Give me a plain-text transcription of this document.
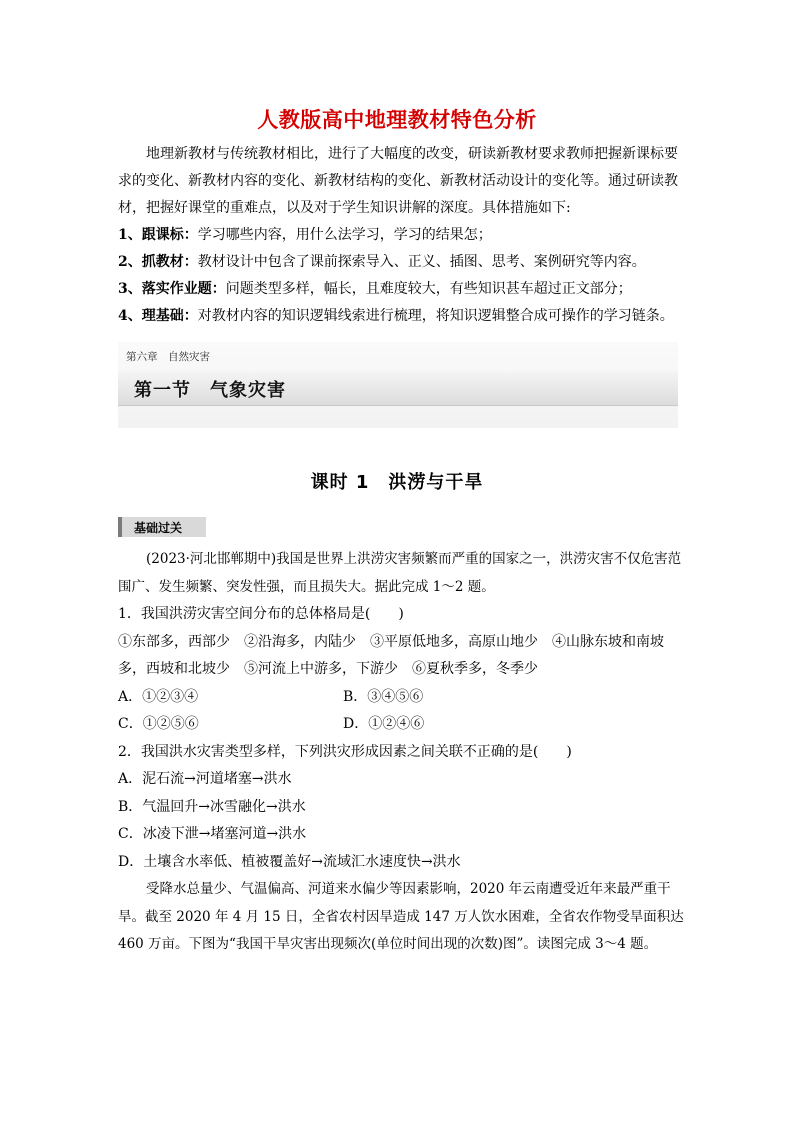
人教版高中地理教材特色分析

地理新教材与传统教材相比，进行了大幅度的改变，研读新教材要求教师把握新课标要求的变化、新教材内容的变化、新教材结构的变化、新教材活动设计的变化等。通过研读教材，把握好课堂的重难点，以及对于学生知识讲解的深度。具体措施如下:

1、跟课标：学习哪些内容，用什么法学习，学习的结果怎；

2、抓教材：教材设计中包含了课前探索导入、正义、插图、思考、案例研究等内容。

3、落实作业题：问题类型多样，幅长，且难度较大，有些知识甚车超过正文部分；

4、理基础：对教材内容的知识逻辑线索进行梳理，将知识逻辑整合成可操作的学习链条。

第六章　自然灾害
第一节　气象灾害
课时 1　洪涝与干旱
基础过关

(2023·河北邯郸期中)我国是世界上洪涝灾害频繁而严重的国家之一，洪涝灾害不仅危害范围广、发生频繁、突发性强，而且损失大。据此完成 1～2 题。

1．我国洪涝灾害空间分布的总体格局是(　　)

①东部多，西部少　②沿海多，内陆少　③平原低地多，高原山地少　④山脉东坡和南坡多，西坡和北坡少　⑤河流上中游多，下游少　⑥夏秋季多，冬季少

A．①②③④	B．③④⑤⑥
C．①②⑤⑥	D．①②④⑥

2．我国洪水灾害类型多样，下列洪灾形成因素之间关联不正确的是(　　)

A．泥石流→河道堵塞→洪水

B．气温回升→冰雪融化→洪水

C．冰凌下泄→堵塞河道→洪水

D．土壤含水率低、植被覆盖好→流域汇水速度快→洪水

受降水总量少、气温偏高、河道来水偏少等因素影响，2020 年云南遭受近年来最严重干旱。截至 2020 年 4 月 15 日，全省农村因旱造成 147 万人饮水困难，全省农作物受旱面积达 460 万亩。下图为“我国干旱灾害出现频次(单位时间出现的次数)图”。读图完成 3～4 题。
